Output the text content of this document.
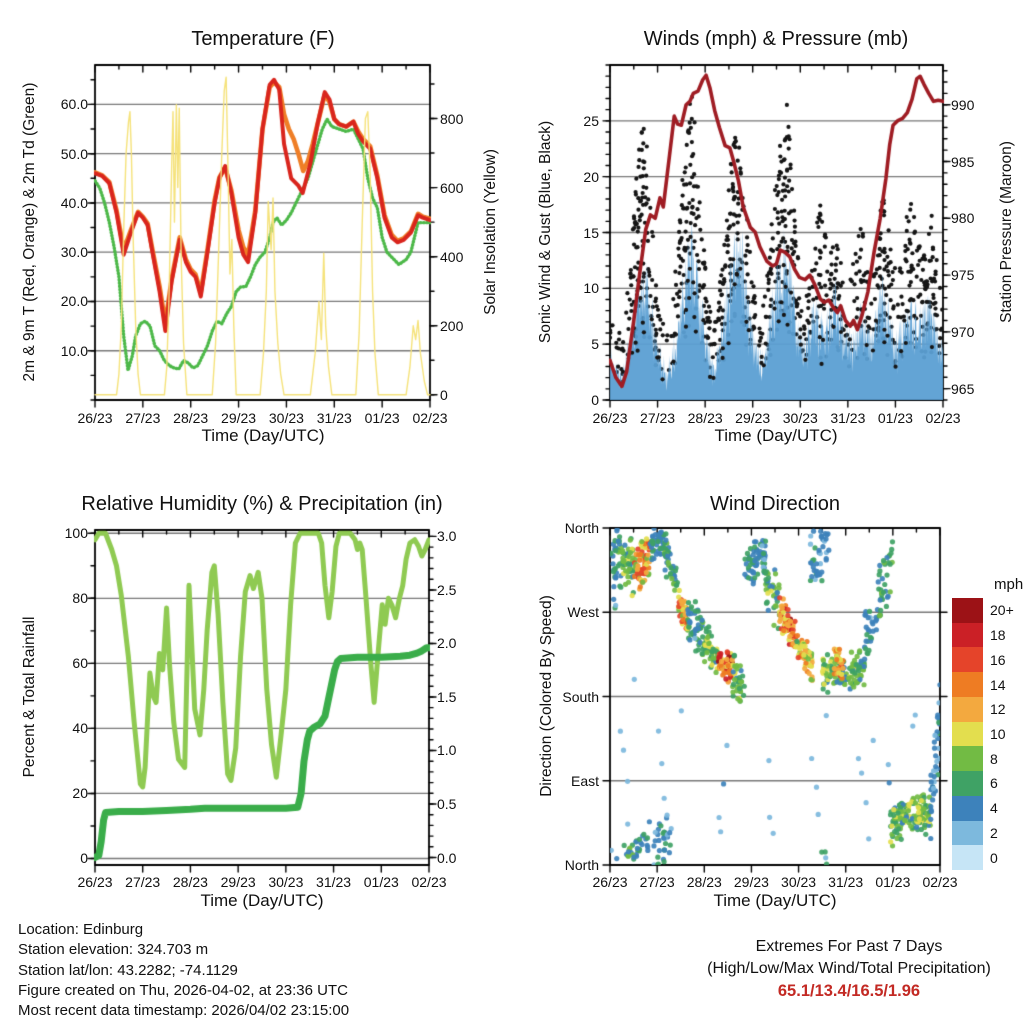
Temperature (F)	Winds (mph) & Pressure (mb)
Relative Humidity (%) & Precipitation (in)	Wind Direction
2m & 9m T (Red, Orange) & 2m Td (Green)	Solar Insolation (Yellow) Sonic Wind & Gust (Blue, Black)	Station Pressure (Maroon)
Percent & Total Rainfall	Direction (Colored By Speed)
Time (Day/UTC)	Time (Day/UTC)
Time (Day/UTC)	Time (Day/UTC)
mph
Location: Edinburg
Station elevation: 324.703 m
Station lat/lon: 43.2282; -74.1129
Figure created on Thu, 2026-04-02, at 23:36 UTC
Most recent data timestamp: 2026/04/02 23:15:00
Extremes For Past 7 Days
(High/Low/Max Wind/Total Precipitation)
65.1/13.4/16.5/1.96
20+
18
16
14
12
10
8
6
4
2
0
10.0
20.0
30.0
40.0
50.0
60.0
0
200
400
600
800
26/23 27/23 28/23 29/23 30/23 31/23 01/23 02/23
0
5
10
15
20
25
965
970
975
980
985
990
26/23 27/23 28/23 29/23 30/23 31/23 01/23 02/23
0
20
40
60
80
100
0.0
0.5
1.0
1.5
2.0
2.5
3.0
26/23 27/23 28/23 29/23 30/23 31/23 01/23 02/23
North
West
South
East
North
26/23 27/23 28/23 29/23 30/23 31/23 01/23 02/23
